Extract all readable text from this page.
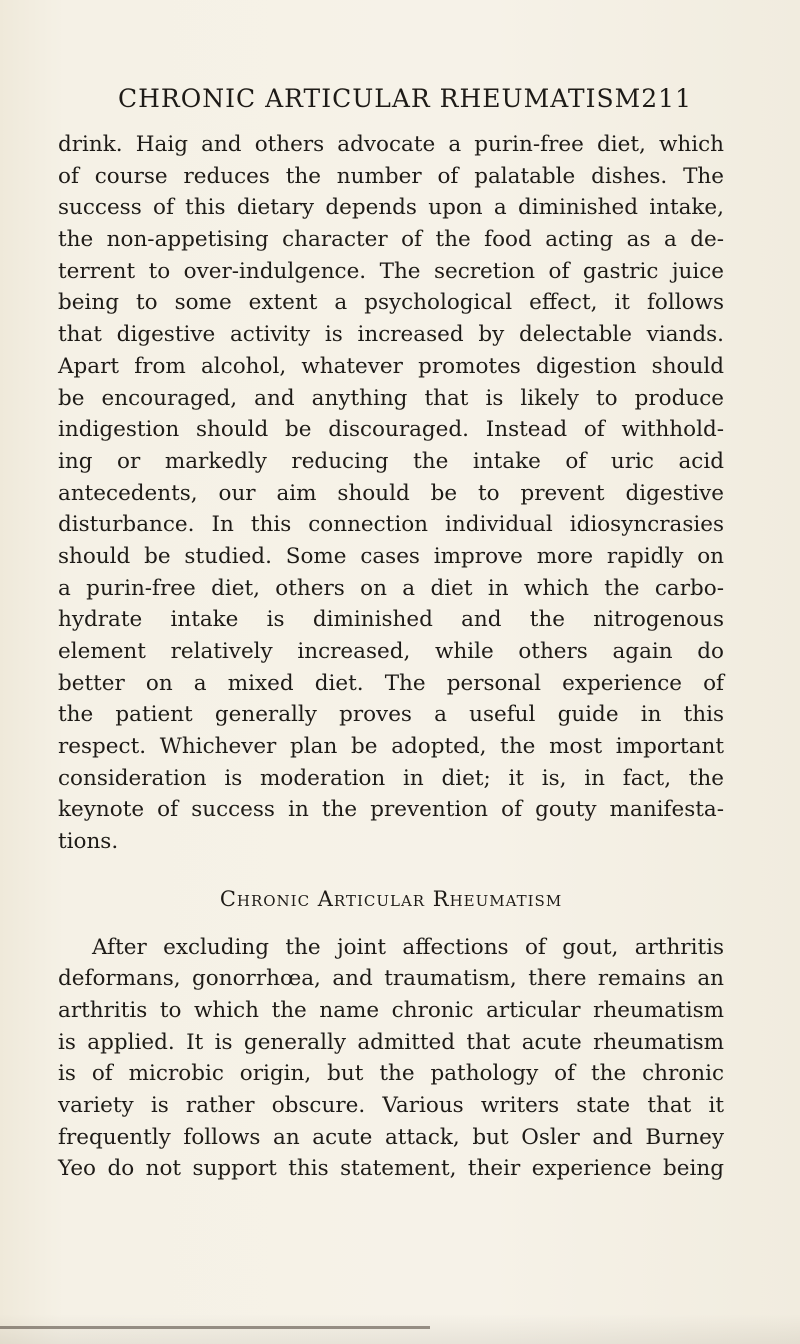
CHRONIC ARTICULAR RHEUMATISM 211
drink. Haig and others advocate a purin-free diet, which
of course reduces the number of palatable dishes. The
success of this dietary depends upon a diminished intake,
the non-appetising character of the food acting as a de-
terrent to over-indulgence. The secretion of gastric juice
being to some extent a psychological effect, it follows
that digestive activity is increased by delectable viands.
Apart from alcohol, whatever promotes digestion should
be encouraged, and anything that is likely to produce
indigestion should be discouraged. Instead of withhold-
ing or markedly reducing the intake of uric acid
antecedents, our aim should be to prevent digestive
disturbance. In this connection individual idiosyncrasies
should be studied. Some cases improve more rapidly on
a purin-free diet, others on a diet in which the carbo-
hydrate intake is diminished and the nitrogenous
element relatively increased, while others again do
better on a mixed diet. The personal experience of
the patient generally proves a useful guide in this
respect. Whichever plan be adopted, the most important
consideration is moderation in diet; it is, in fact, the
keynote of success in the prevention of gouty manifesta-
tions.
Chronic Articular Rheumatism
After excluding the joint affections of gout, arthritis
deformans, gonorrhœa, and traumatism, there remains an
arthritis to which the name chronic articular rheumatism
is applied. It is generally admitted that acute rheumatism
is of microbic origin, but the pathology of the chronic
variety is rather obscure. Various writers state that it
frequently follows an acute attack, but Osler and Burney
Yeo do not support this statement, their experience being
